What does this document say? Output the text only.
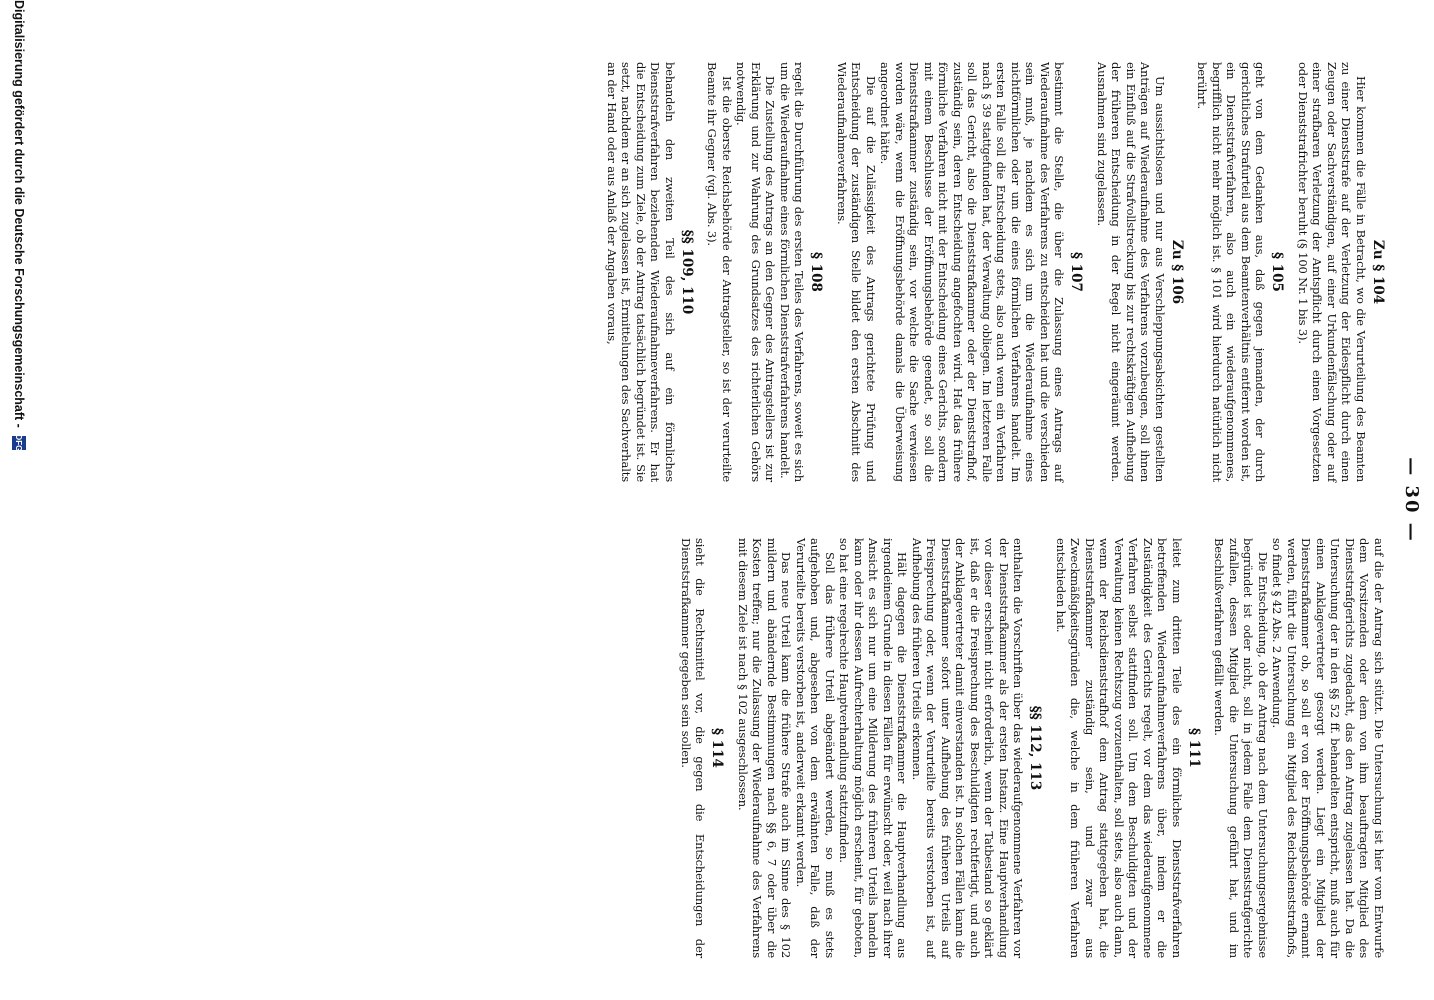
— 30 —
Zu § 104

Hier kommen die Fälle in Betracht, wo die Verurteilung des Beamten zu einer Dienststrafe auf der Verletzung der Eidespflicht durch einen Zeugen oder Sachverständigen, auf einer Urkundenfälschung oder auf einer strafbaren Verletzung der Amtspflicht durch einen Vorgesetzten oder Dienststrafrichter beruht (§ 100 Nr. 1 bis 3).

§ 105

geht von dem Gedanken aus, daß gegen jemanden, der durch gerichtliches Strafurteil aus dem Beamtenverhältnis entfernt worden ist, ein Dienststrafverfahren, also auch ein wiederaufgenommenes, begrifflich nicht mehr möglich ist. § 101 wird hierdurch natürlich nicht berührt.

Zu § 106

Um aussichtslosen und nur aus Verschleppungsabsichten gestellten Anträgen auf Wiederaufnahme des Verfahrens vorzubeugen, soll ihnen ein Einfluß auf die Strafvollstreckung bis zur rechtskräftigen Aufhebung der früheren Entscheidung in der Regel nicht eingeräumt werden. Ausnahmen sind zugelassen.

§ 107

bestimmt die Stelle, die über die Zulassung eines Antrags auf Wiederaufnahme des Verfahrens zu entscheiden hat und die verschieden sein muß, je nachdem es sich um die Wiederaufnahme eines nichtförmlichen oder um die eines förmlichen Verfahrens handelt. Im ersten Falle soll die Entscheidung stets, also auch wenn ein Verfahren nach § 39 stattgefunden hat, der Verwaltung obliegen. Im letzteren Falle soll das Gericht, also die Dienststrafkammer oder der Dienststrafhof, zuständig sein, deren Entscheidung angefochten wird. Hat das frühere förmliche Verfahren nicht mit der Entscheidung eines Gerichts, sondern mit einem Beschlusse der Eröffnungsbehörde geendet, so soll die Dienststrafkammer zuständig sein, vor welche die Sache verwiesen worden wäre, wenn die Eröffnungsbehörde damals die Überweisung angeordnet hätte.

Die auf die Zulässigkeit des Antrags gerichtete Prüfung und Entscheidung der zuständigen Stelle bildet den ersten Abschnitt des Wiederaufnahmeverfahrens.

§ 108

regelt die Durchführung des ersten Teiles des Verfahrens, soweit es sich um die Wiederaufnahme eines förmlichen Dienststrafverfahrens handelt.

Die Zustellung des Antrags an den Gegner des Antragstellers ist zur Erklärung und zur Wahrung des Grundsatzes des richterlichen Gehörs notwendig.

Ist die oberste Reichsbehörde der Antragsteller, so ist der verurteilte Beamte ihr Gegner (vgl. Abs. 3).

§§ 109, 110

behandeln den zweiten Teil des sich auf ein förmliches Dienststrafverfahren beziehenden Wiederaufnahmeverfahrens. Er hat die Entscheidung zum Ziele, ob der Antrag tatsächlich begründet ist. Sie setzt, nachdem er an sich zugelassen ist, Ermittelungen des Sachverhalts an der Hand oder aus Anlaß der Angaben voraus,

auf die der Antrag sich stützt. Die Untersuchung ist hier vom Entwurfe dem Vorsitzenden oder dem von ihm beauftragten Mitglied des Dienststrafgerichts zugedacht, das den Antrag zugelassen hat. Da die Untersuchung der in den §§ 52 ff. behandelten entspricht, muß auch für einen Anklagevertreter gesorgt werden. Liegt ein Mitglied der Dienststrafkammer ob, so soll er von der Eröffnungsbehörde ernannt werden, führt die Untersuchung ein Mitglied des Reichsdienststrafhofs, so findet § 42 Abs. 2 Anwendung.

Die Entscheidung, ob der Antrag nach dem Untersuchungsergebnisse begründet ist oder nicht, soll in jedem Falle dem Dienststrafgerichte zufallen, dessen Mitglied die Untersuchung geführt hat, und im Beschlußverfahren gefällt werden.

§ 111

leitet zum dritten Teile des ein förmliches Dienststrafverfahren betreffenden Wiederaufnahmeverfahrens über, indem er die Zuständigkeit des Gerichts regelt, vor dem das wiederaufgenommene Verfahren selbst stattfinden soll. Um dem Beschuldigten und der Verwaltung keinen Rechtszug vorzuenthalten, soll stets, also auch dann, wenn der Reichsdienststrafhof dem Antrag stattgegeben hat, die Dienststrafkammer zuständig sein, und zwar aus Zweckmäßigkeitsgründen die, welche in dem früheren Verfahren entschieden hat.

§§ 112, 113

enthalten die Vorschriften über das wiederaufgenommene Verfahren vor der Dienststrafkammer als der ersten Instanz. Eine Hauptverhandlung vor dieser erscheint nicht erforderlich, wenn der Tatbestand so geklärt ist, daß er die Freisprechung des Beschuldigten rechtfertigt, und auch der Anklagevertreter damit einverstanden ist. In solchen Fällen kann die Dienststrafkammer sofort unter Aufhebung des früheren Urteils auf Freisprechung oder, wenn der Verurteilte bereits verstorben ist, auf Aufhebung des früheren Urteils erkennen.

Hält dagegen die Dienststrafkammer die Hauptverhandlung aus irgendeinem Grunde in diesen Fällen für erwünscht oder, weil nach ihrer Ansicht es sich nur um eine Milderung des früheren Urteils handeln kann oder ihr dessen Aufrechterhaltung möglich erscheint, für geboten, so hat eine regelrechte Hauptverhandlung stattzufinden.

Soll das frühere Urteil abgeändert werden, so muß es stets aufgehoben und, abgesehen von dem erwähnten Falle, daß der Verurteilte bereits verstorben ist, anderweit erkannt werden.

Das neue Urteil kann die frühere Strafe auch im Sinne des § 102 mildern und abändernde Bestimmungen nach §§ 6, 7 oder über die Kosten treffen; nur die Zulassung der Wiederaufnahme des Verfahrens mit diesem Ziele ist nach § 102 ausgeschlossen.

§ 114

sieht die Rechtsmittel vor, die gegen die Entscheidungen der Dienststrafkammer gegeben sein sollen.

Digitalisierung gefördert durch die Deutsche Forschungsgemeinschaft -
DFG
